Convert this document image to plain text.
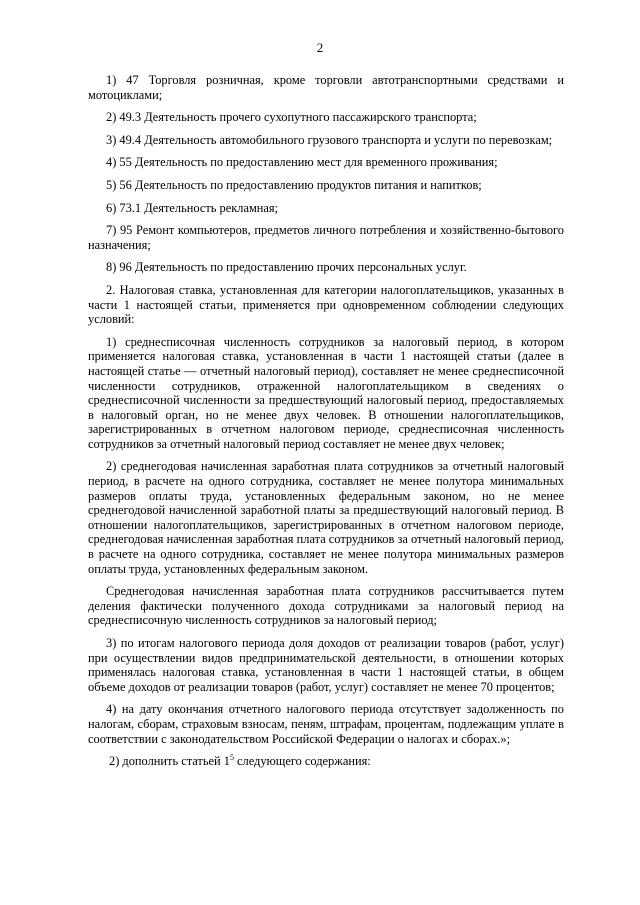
2

1) 47 Торговля розничная, кроме торговли автотранспортными средствами и мотоциклами;

2) 49.3 Деятельность прочего сухопутного пассажирского транспорта;

3) 49.4 Деятельность автомобильного грузового транспорта и услуги по перевозкам;

4) 55 Деятельность по предоставлению мест для временного проживания;

5) 56 Деятельность по предоставлению продуктов питания и напитков;

6) 73.1 Деятельность рекламная;

7) 95 Ремонт компьютеров, предметов личного потребления и хозяйственно-бытового назначения;

8) 96 Деятельность по предоставлению прочих персональных услуг.

2. Налоговая ставка, установленная для категории налогоплательщиков, указанных в части 1 настоящей статьи, применяется при одновременном соблюдении следующих условий:

1) среднесписочная численность сотрудников за налоговый период, в котором применяется налоговая ставка, установленная в части 1 настоящей статьи (далее в настоящей статье — отчетный налоговый период), составляет не менее среднесписочной численности сотрудников, отраженной налогоплательщиком в сведениях о среднесписочной численности за предшествующий налоговый период, предоставляемых в налоговый орган, но не менее двух человек. В отношении налогоплательщиков, зарегистрированных в отчетном налоговом периоде, среднесписочная численность сотрудников за отчетный налоговый период составляет не менее двух человек;

2) среднегодовая начисленная заработная плата сотрудников за отчетный налоговый период, в расчете на одного сотрудника, составляет не менее полутора минимальных размеров оплаты труда, установленных федеральным законом, но не менее среднегодовой начисленной заработной платы за предшествующий налоговый период. В отношении налогоплательщиков, зарегистрированных в отчетном налоговом периоде, среднегодовая начисленная заработная плата сотрудников за отчетный налоговый период, в расчете на одного сотрудника, составляет не менее полутора минимальных размеров оплаты труда, установленных федеральным законом.

Среднегодовая начисленная заработная плата сотрудников рассчитывается путем деления фактически полученного дохода сотрудниками за налоговый период на среднесписочную численность сотрудников за налоговый период;

3) по итогам налогового периода доля доходов от реализации товаров (работ, услуг) при осуществлении видов предпринимательской деятельности, в отношении которых применялась налоговая ставка, установленная в части 1 настоящей статьи, в общем объеме доходов от реализации товаров (работ, услуг) составляет не менее 70 процентов;

4) на дату окончания отчетного налогового периода отсутствует задолженность по налогам, сборам, страховым взносам, пеням, штрафам, процентам, подлежащим уплате в соответствии с законодательством Российской Федерации о налогах и сборах.»;

2) дополнить статьей $1^5$ следующего содержания:
